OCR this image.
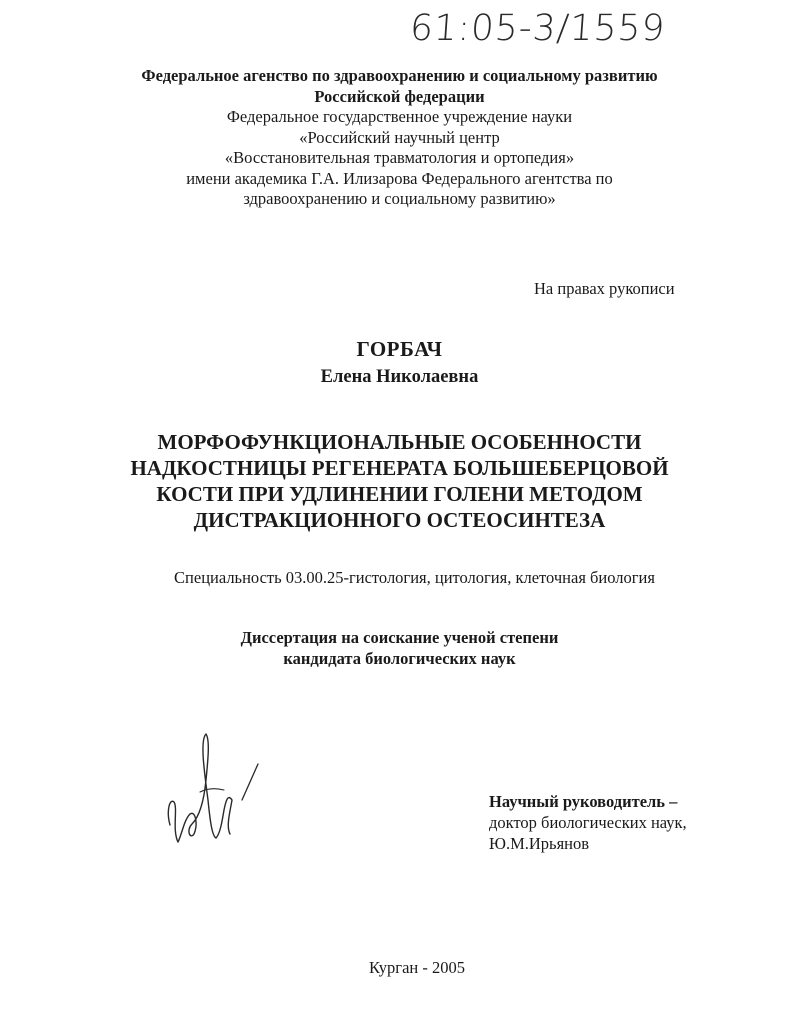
61:05-3/1559
Федеральное агенство по здравоохранению и социальному развитию
Российской федерации
Федеральное государственное учреждение науки
«Российский научный центр
«Восстановительная травматология и ортопедия»
имени академика Г.А. Илизарова Федерального агентства по
здравоохранению и социальному развитию»
На правах рукописи
ГОРБАЧ
Елена Николаевна
МОРФОФУНКЦИОНАЛЬНЫЕ ОСОБЕННОСТИ
НАДКОСТНИЦЫ РЕГЕНЕРАТА БОЛЬШЕБЕРЦОВОЙ
КОСТИ ПРИ УДЛИНЕНИИ ГОЛЕНИ МЕТОДОМ
ДИСТРАКЦИОННОГО ОСТЕОСИНТЕЗА
Специальность 03.00.25-гистология, цитология, клеточная биология
Диссертация на соискание ученой степени
кандидата биологических наук
Научный руководитель –
доктор биологических наук,
Ю.М.Ирьянов
Курган - 2005
